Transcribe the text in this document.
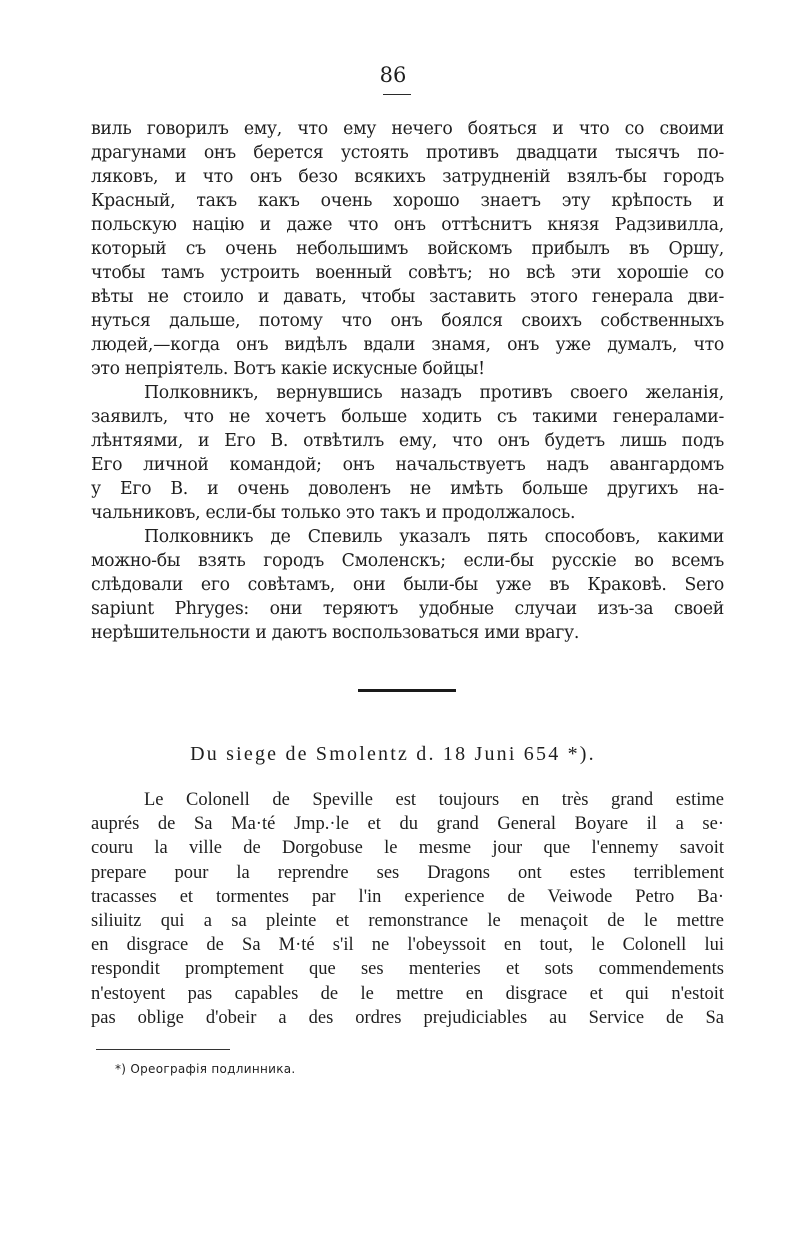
86
виль говорилъ ему, что ему нечего бояться и что со своими
драгунами онъ берется устоять противъ двадцати тысячъ по-
ляковъ, и что онъ безо всякихъ затрудненій взялъ-бы городъ
Красный, такъ какъ очень хорошо знаетъ эту крѣпость и
польскую націю и даже что онъ оттѣснитъ князя Радзивилла,
который съ очень небольшимъ войскомъ прибылъ въ Оршу,
чтобы тамъ устроить военный совѣтъ; но всѣ эти хорошіе со
вѣты не стоило и давать, чтобы заставить этого генерала дви-
нуться дальше, потому что онъ боялся своихъ собственныхъ
людей,—когда онъ видѣлъ вдали знамя, онъ уже думалъ, что
это непріятель. Вотъ какіе искусные бойцы!
Полковникъ, вернувшись назадъ противъ своего желанія,
заявилъ, что не хочетъ больше ходить съ такими генералами-
лѣнтяями, и Его В. отвѣтилъ ему, что онъ будетъ лишь подъ
Его личной командой; онъ начальствуетъ надъ авангардомъ
у Его В. и очень доволенъ не имѣть больше другихъ на-
чальниковъ, если-бы только это такъ и продолжалось.
Полковникъ де Спевиль указалъ пять способовъ, какими
можно-бы взять городъ Смоленскъ; если-бы русскіе во всемъ
слѣдовали его совѣтамъ, они были-бы уже въ Краковѣ. Sero
sapiunt Phryges: они теряютъ удобные случаи изъ-за своей
нерѣшительности и даютъ воспользоваться ими врагу.
Du siege de Smolentz d. 18 Juni 654 *).
Le Colonell de Speville est toujours en très grand estime
auprés de Sa Ma·té Jmp.·le et du grand General Boyare il a se·
couru la ville de Dorgobuse le mesme jour que l'ennemy savoit
prepare pour la reprendre ses Dragons ont estes terriblement
tracasses et tormentes par l'in experience de Veiwode Petro Ba·
siliuitz qui a sa pleinte et remonstrance le menaçoit de le mettre
en disgrace de Sa M·té s'il ne l'obeyssoit en tout, le Colonell lui
respondit promptement que ses menteries et sots commendements
n'estoyent pas capables de le mettre en disgrace et qui n'estoit
pas oblige d'obeir a des ordres prejudiciables au Service de Sa
*) Ореографія подлинника.
